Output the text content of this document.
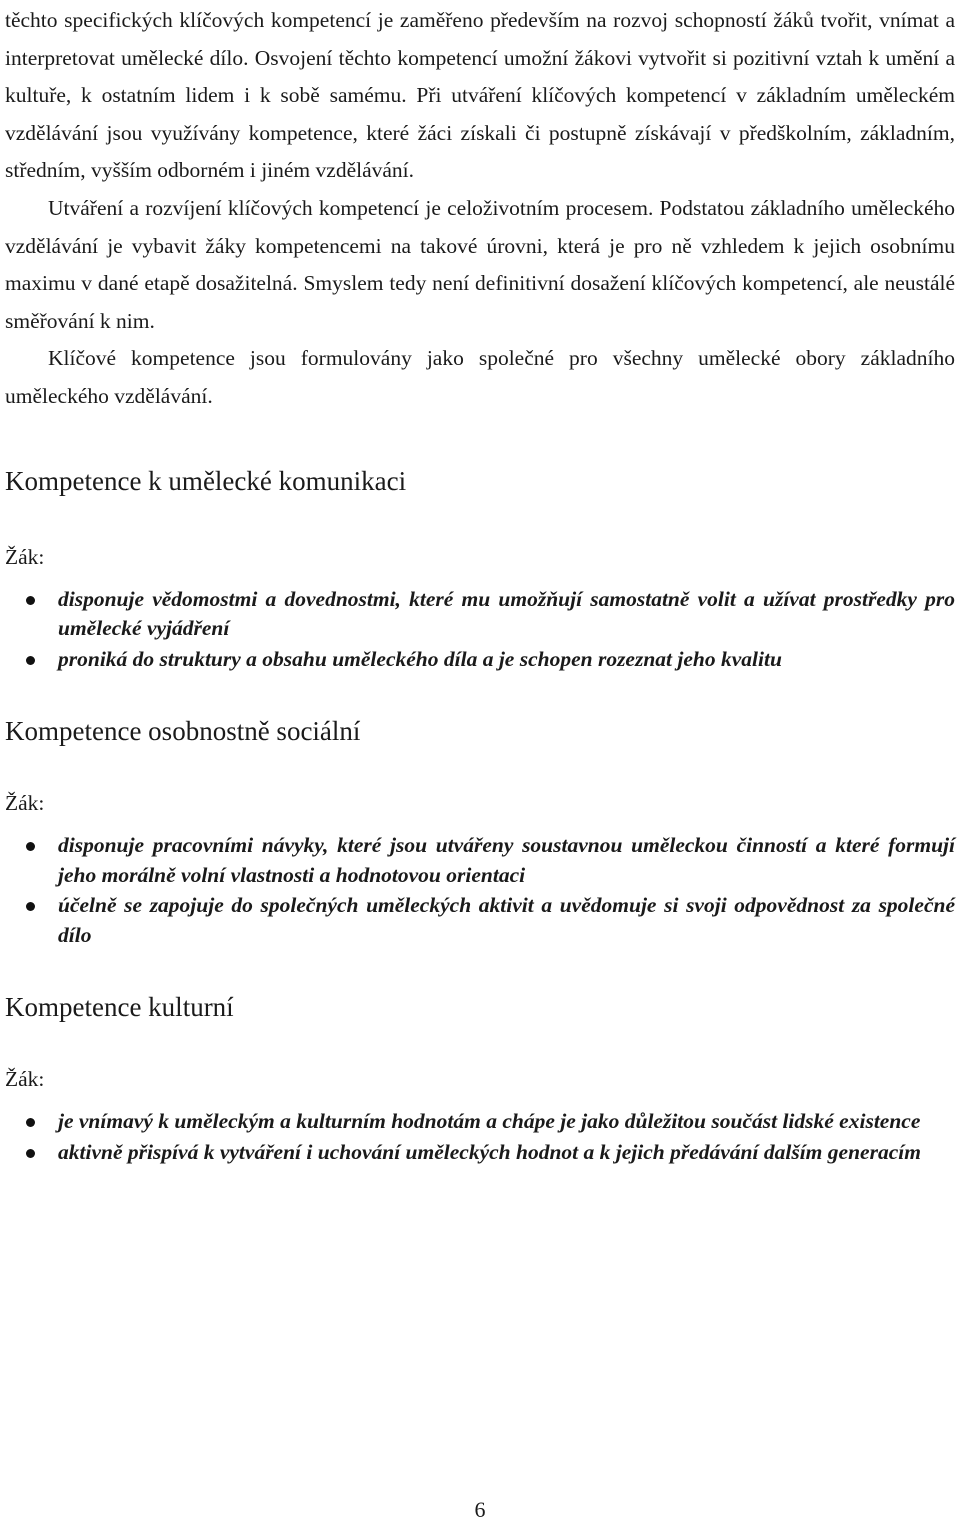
těchto specifických klíčových kompetencí je zaměřeno především na rozvoj schopností žáků tvořit, vnímat a interpretovat umělecké dílo. Osvojení těchto kompetencí umožní žákovi vytvořit si pozitivní vztah k umění a kultuře, k ostatním lidem i k sobě samému. Při utváření klíčových kompetencí v základním uměleckém vzdělávání jsou využívány kompetence, které žáci získali či postupně získávají v předškolním, základním, středním, vyšším odborném i jiném vzdělávání.

Utváření a rozvíjení klíčových kompetencí je celoživotním procesem. Podstatou základního uměleckého vzdělávání je vybavit žáky kompetencemi na takové úrovni, která je pro ně vzhledem k jejich osobnímu maximu v dané etapě dosažitelná. Smyslem tedy není definitivní dosažení klíčových kompetencí, ale neustálé směřování k nim.

Klíčové kompetence jsou formulovány jako společné pro všechny umělecké obory základního uměleckého vzdělávání.

Kompetence k umělecké komunikaci

Žák:

disponuje vědomostmi a dovednostmi, které mu umožňují samostatně volit a užívat prostředky pro umělecké vyjádření
proniká do struktury a obsahu uměleckého díla a je schopen rozeznat jeho kvalitu
Kompetence osobnostně sociální

Žák:

disponuje pracovními návyky, které jsou utvářeny soustavnou uměleckou činností a které formují jeho morálně volní vlastnosti a hodnotovou orientaci
účelně se zapojuje do společných uměleckých aktivit a uvědomuje si svoji odpovědnost za společné dílo
Kompetence kulturní

Žák:

je vnímavý k uměleckým a kulturním hodnotám a chápe je jako důležitou součást lidské existence
aktivně přispívá k vytváření i uchování uměleckých hodnot a k jejich předávání dalším generacím
6
